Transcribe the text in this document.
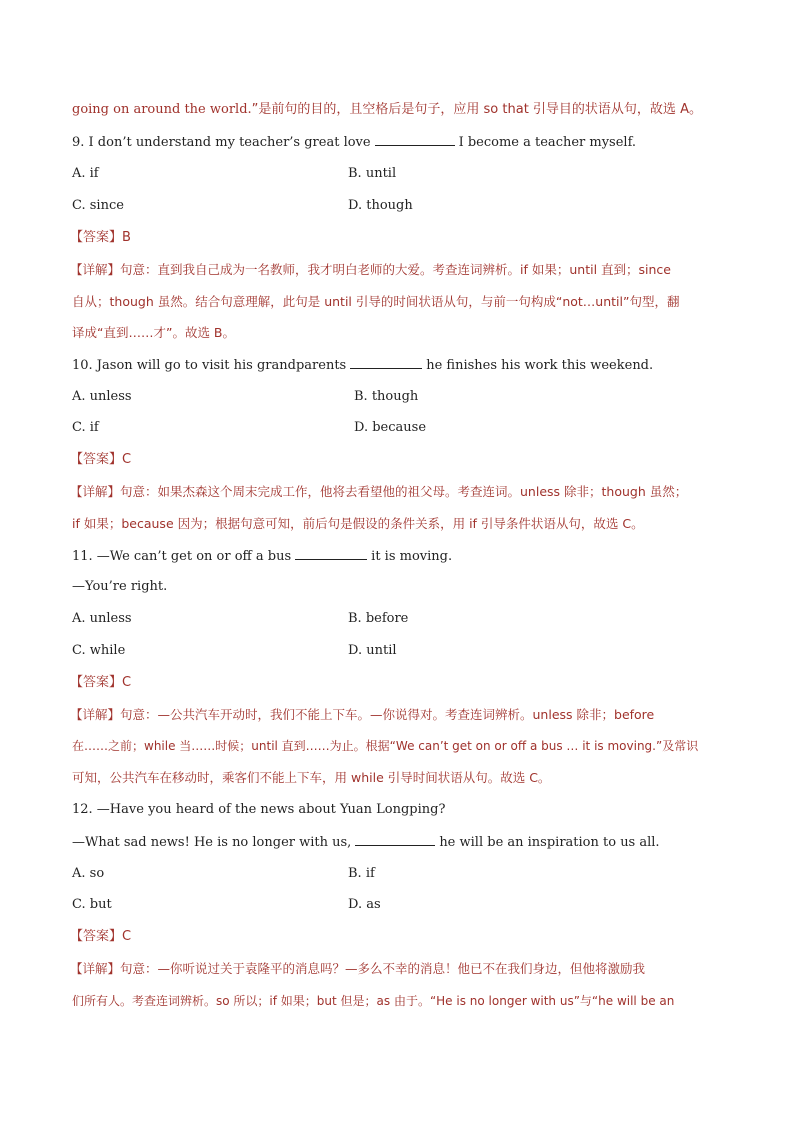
going on around the world.”是前句的目的，且空格后是句子，应用 so that 引导目的状语从句，故选 A。
9. I don’t understand my teacher’s great love	I become a teacher myself.
A. if	B. until
C. since	D. though
【答案】B
【详解】句意：直到我自己成为一名教师，我才明白老师的大爱。考查连词辨析。if 如果；until 直到；since
自从；though 虽然。结合句意理解，此句是 until 引导的时间状语从句，与前一句构成“not…until”句型，翻
译成“直到……才”。故选 B。
10. Jason will go to visit his grandparents	he finishes his work this weekend.
A. unless	B. though
C. if	D. because
【答案】C
【详解】句意：如果杰森这个周末完成工作，他将去看望他的祖父母。考查连词。unless 除非；though 虽然；
if 如果；because 因为；根据句意可知，前后句是假设的条件关系，用 if 引导条件状语从句，故选 C。
11. —We can’t get on or off a bus	it is moving.
—You’re right.
A. unless	B. before
C. while	D. until
【答案】C
【详解】句意：—公共汽车开动时，我们不能上下车。—你说得对。考查连词辨析。unless 除非；before
在……之前；while 当……时候；until 直到……为止。根据“We can’t get on or off a bus … it is moving.”及常识
可知，公共汽车在移动时，乘客们不能上下车，用 while 引导时间状语从句。故选 C。
12. —Have you heard of the news about Yuan Longping?
—What sad news! He is no longer with us,	he will be an inspiration to us all.
A. so	B. if
C. but	D. as
【答案】C
【详解】句意：—你听说过关于袁隆平的消息吗？—多么不幸的消息！他已不在我们身边，但他将激励我
们所有人。考查连词辨析。so 所以；if 如果；but 但是；as 由于。“He is no longer with us”与“he will be an
